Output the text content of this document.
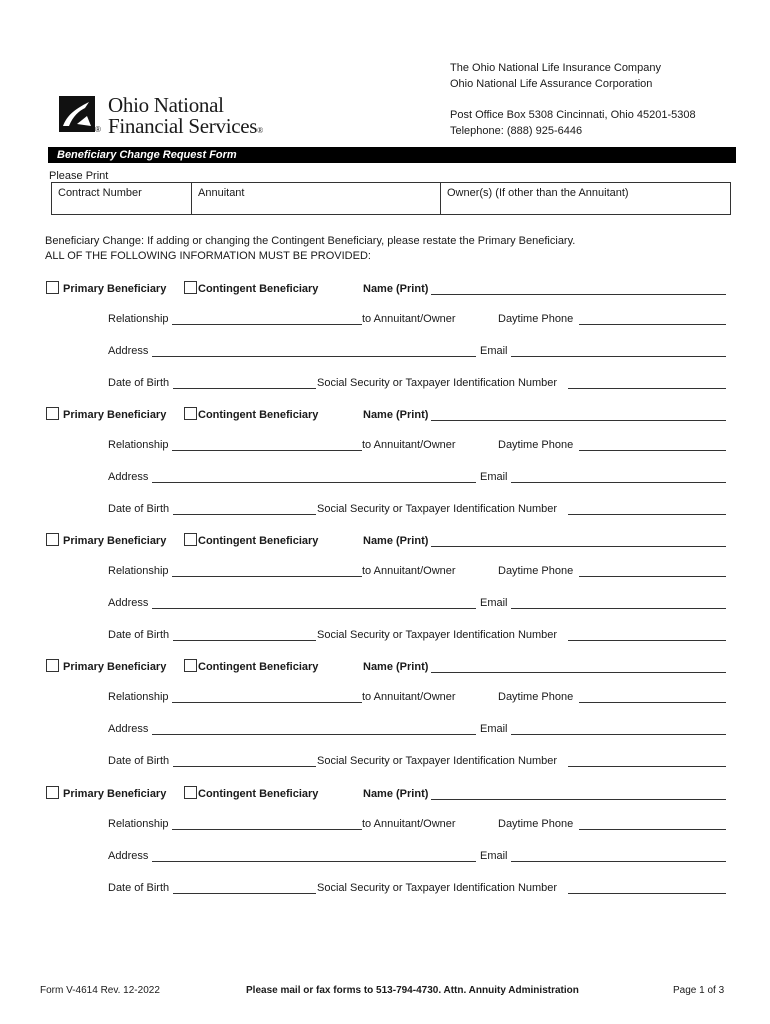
Ohio National
® Financial Services®
The Ohio National Life Insurance Company
Ohio National Life Assurance Corporation
Post Office Box 5308 Cincinnati, Ohio 45201-5308
Telephone: (888) 925-6446
Beneficiary Change Request Form
Please Print
Contract Number	Annuitant	Owner(s) (If other than the Annuitant)
Beneficiary Change: If adding or changing the Contingent Beneficiary, please restate the Primary Beneficiary.
ALL OF THE FOLLOWING INFORMATION MUST BE PROVIDED:
Primary Beneficiary	Contingent Beneficiary	Name (Print)
Relationship	to Annuitant/Owner	Daytime Phone
Address	Email
Date of Birth	Social Security or Taxpayer Identification Number
Primary Beneficiary	Contingent Beneficiary	Name (Print)
Relationship	to Annuitant/Owner	Daytime Phone
Address	Email
Date of Birth	Social Security or Taxpayer Identification Number
Primary Beneficiary	Contingent Beneficiary	Name (Print)
Relationship	to Annuitant/Owner	Daytime Phone
Address	Email
Date of Birth	Social Security or Taxpayer Identification Number
Primary Beneficiary	Contingent Beneficiary	Name (Print)
Relationship	to Annuitant/Owner	Daytime Phone
Address	Email
Date of Birth	Social Security or Taxpayer Identification Number
Primary Beneficiary	Contingent Beneficiary	Name (Print)
Relationship	to Annuitant/Owner	Daytime Phone
Address	Email
Date of Birth	Social Security or Taxpayer Identification Number
Form V-4614 Rev. 12-2022	Please mail or fax forms to 513-794-4730. Attn. Annuity Administration	Page 1 of 3
